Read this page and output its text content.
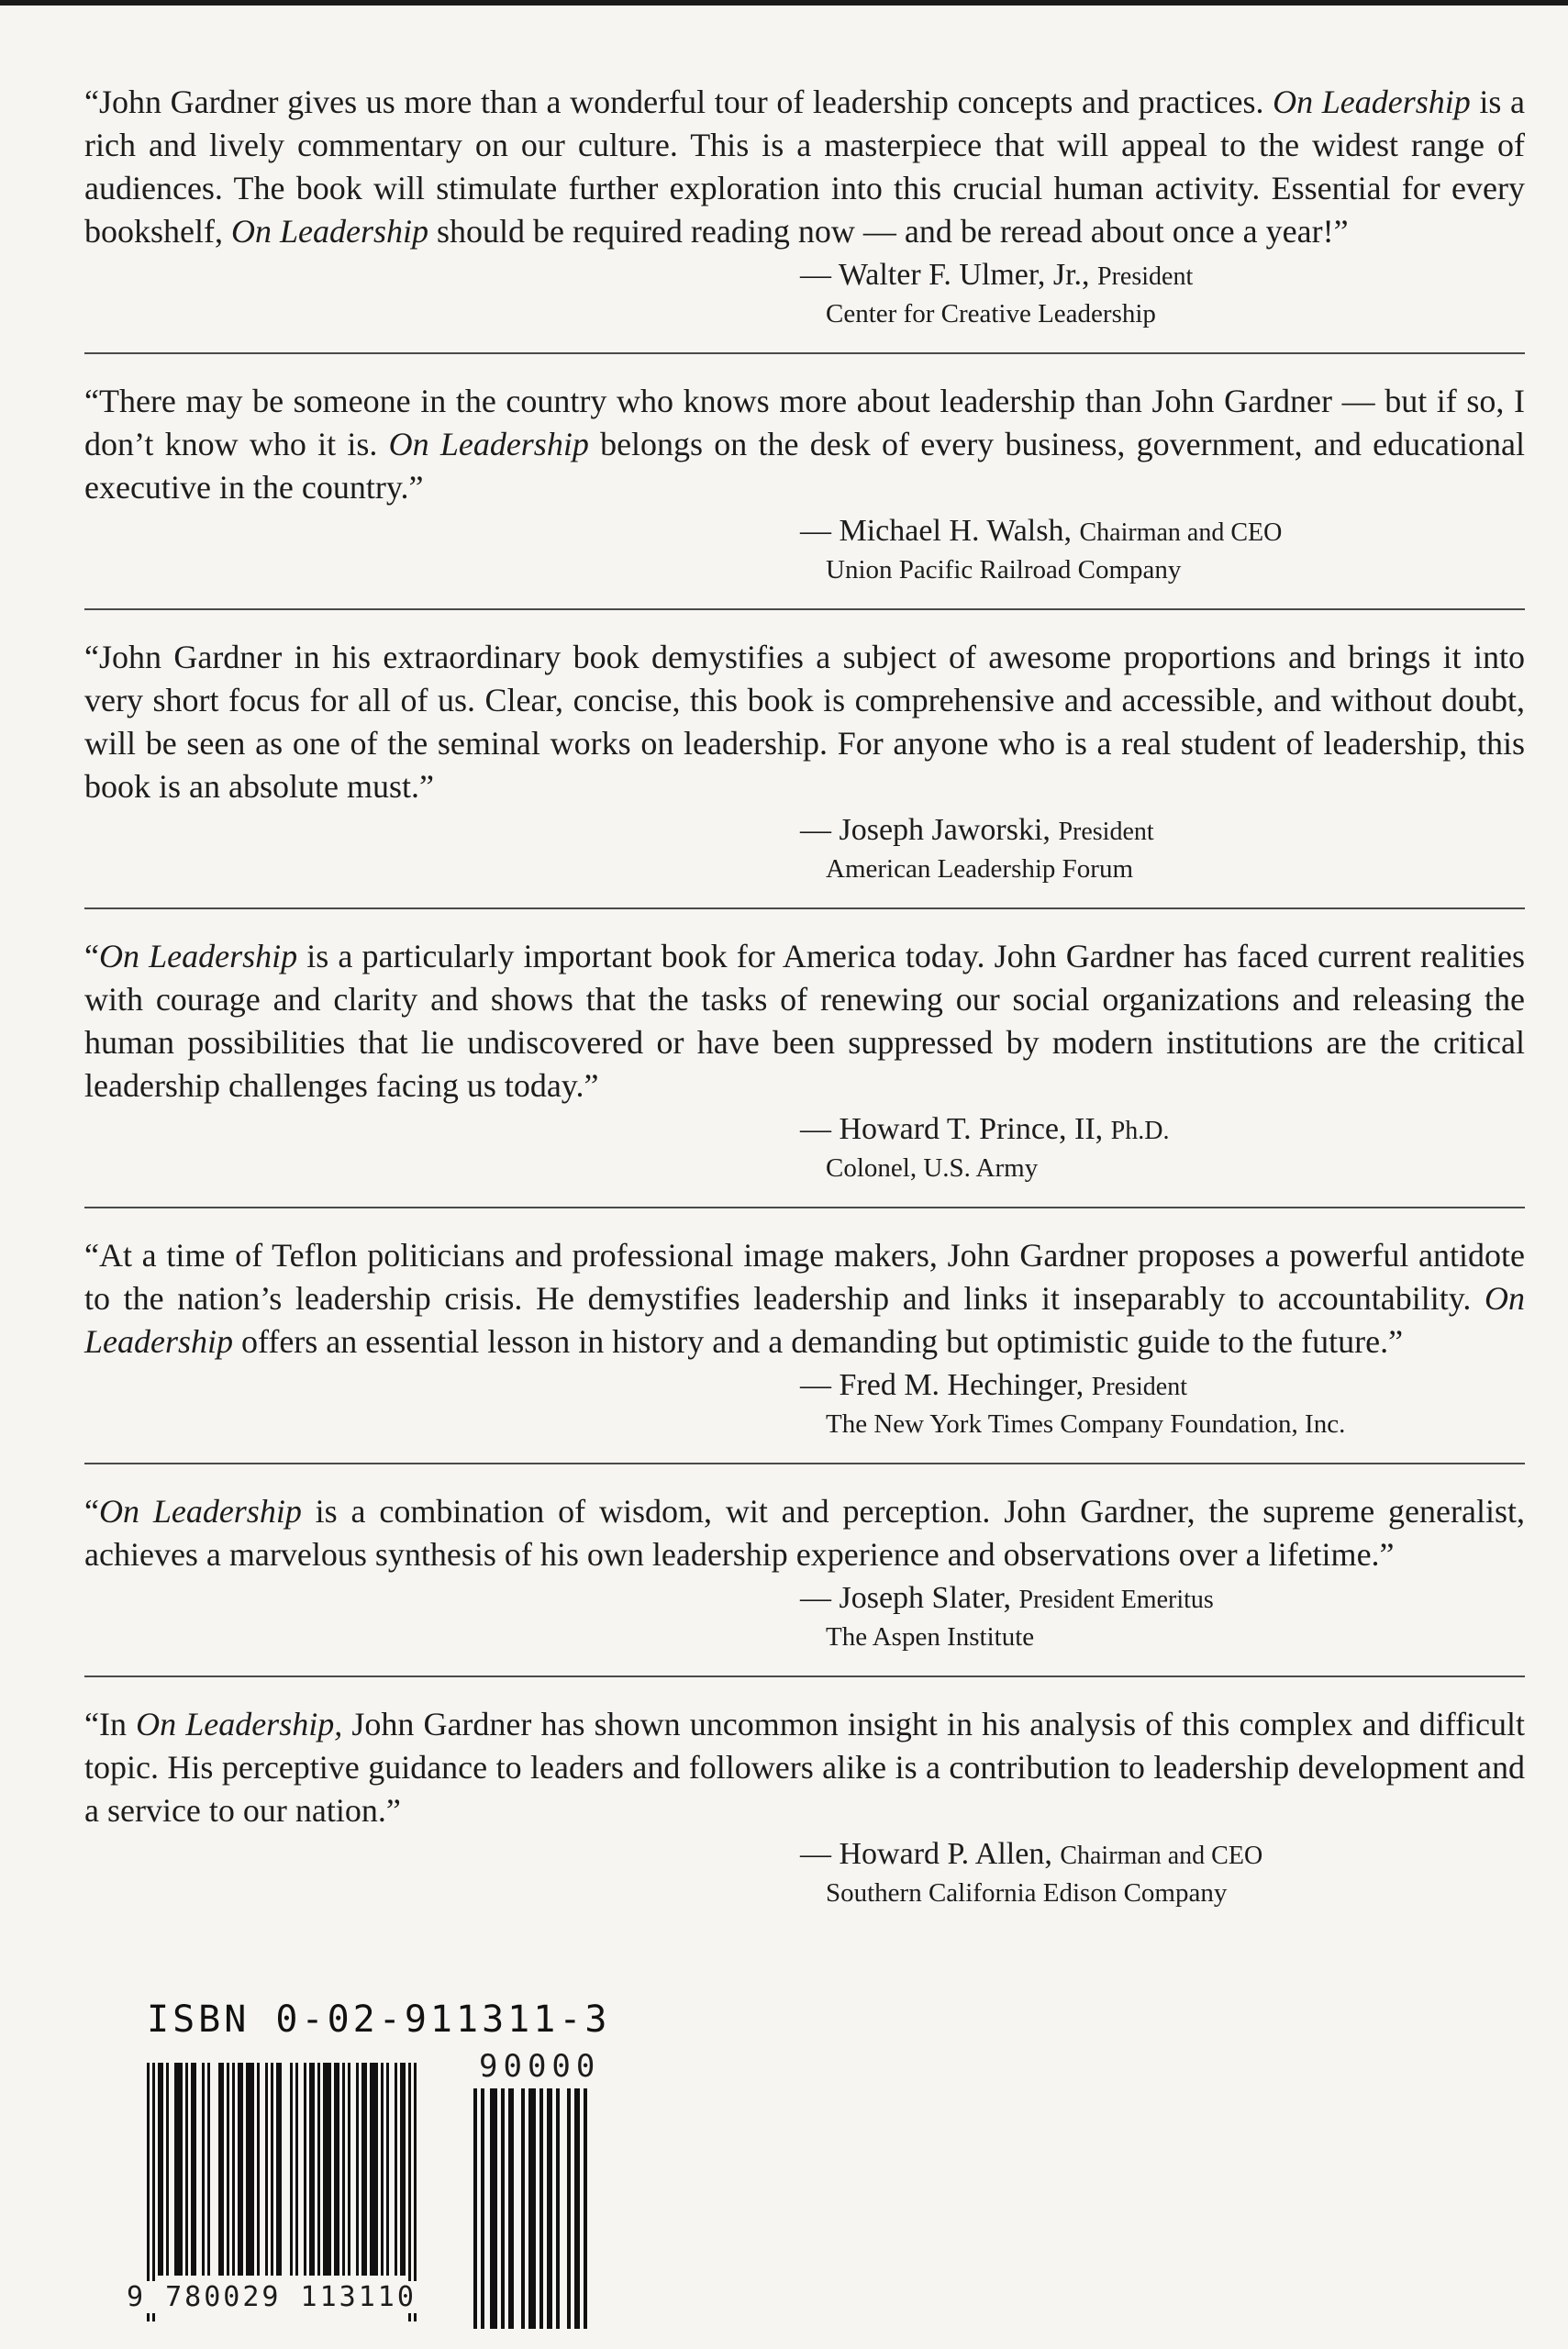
“John Gardner gives us more than a wonderful tour of leadership concepts and practices. On Leadership is a rich and lively commentary on our culture. This is a masterpiece that will appeal to the widest range of audiences. The book will stimulate further exploration into this crucial human activity. Essential for every bookshelf, On Leadership should be required reading now — and be reread about once a year!”

— Walter F. Ulmer, Jr., President
Center for Creative Leadership

“There may be someone in the country who knows more about leadership than John Gardner — but if so, I don’t know who it is. On Leadership belongs on the desk of every business, government, and educational executive in the country.”

— Michael H. Walsh, Chairman and CEO
Union Pacific Railroad Company

“John Gardner in his extraordinary book demystifies a subject of awesome proportions and brings it into very short focus for all of us. Clear, concise, this book is comprehensive and accessible, and without doubt, will be seen as one of the seminal works on leadership. For anyone who is a real student of leadership, this book is an absolute must.”

— Joseph Jaworski, President
American Leadership Forum

“On Leadership is a particularly important book for America today. John Gardner has faced current realities with courage and clarity and shows that the tasks of renewing our social organizations and releasing the human possibilities that lie undiscovered or have been suppressed by modern institutions are the critical leadership challenges facing us today.”

— Howard T. Prince, II, Ph.D.
Colonel, U.S. Army

“At a time of Teflon politicians and professional image makers, John Gardner proposes a powerful antidote to the nation’s leadership crisis. He demystifies leadership and links it inseparably to accountability. On Leadership offers an essential lesson in history and a demanding but optimistic guide to the future.”

— Fred M. Hechinger, President
The New York Times Company Foundation, Inc.

“On Leadership is a combination of wisdom, wit and perception. John Gardner, the supreme generalist, achieves a marvelous synthesis of his own leadership experience and observations over a lifetime.”

— Joseph Slater, President Emeritus
The Aspen Institute

“In On Leadership, John Gardner has shown uncommon insight in his analysis of this complex and difficult topic. His perceptive guidance to leaders and followers alike is a contribution to leadership development and a service to our nation.”

— Howard P. Allen, Chairman and CEO
Southern California Edison Company
ISBN 0-02-911311-3
90000
9 780029 113110
